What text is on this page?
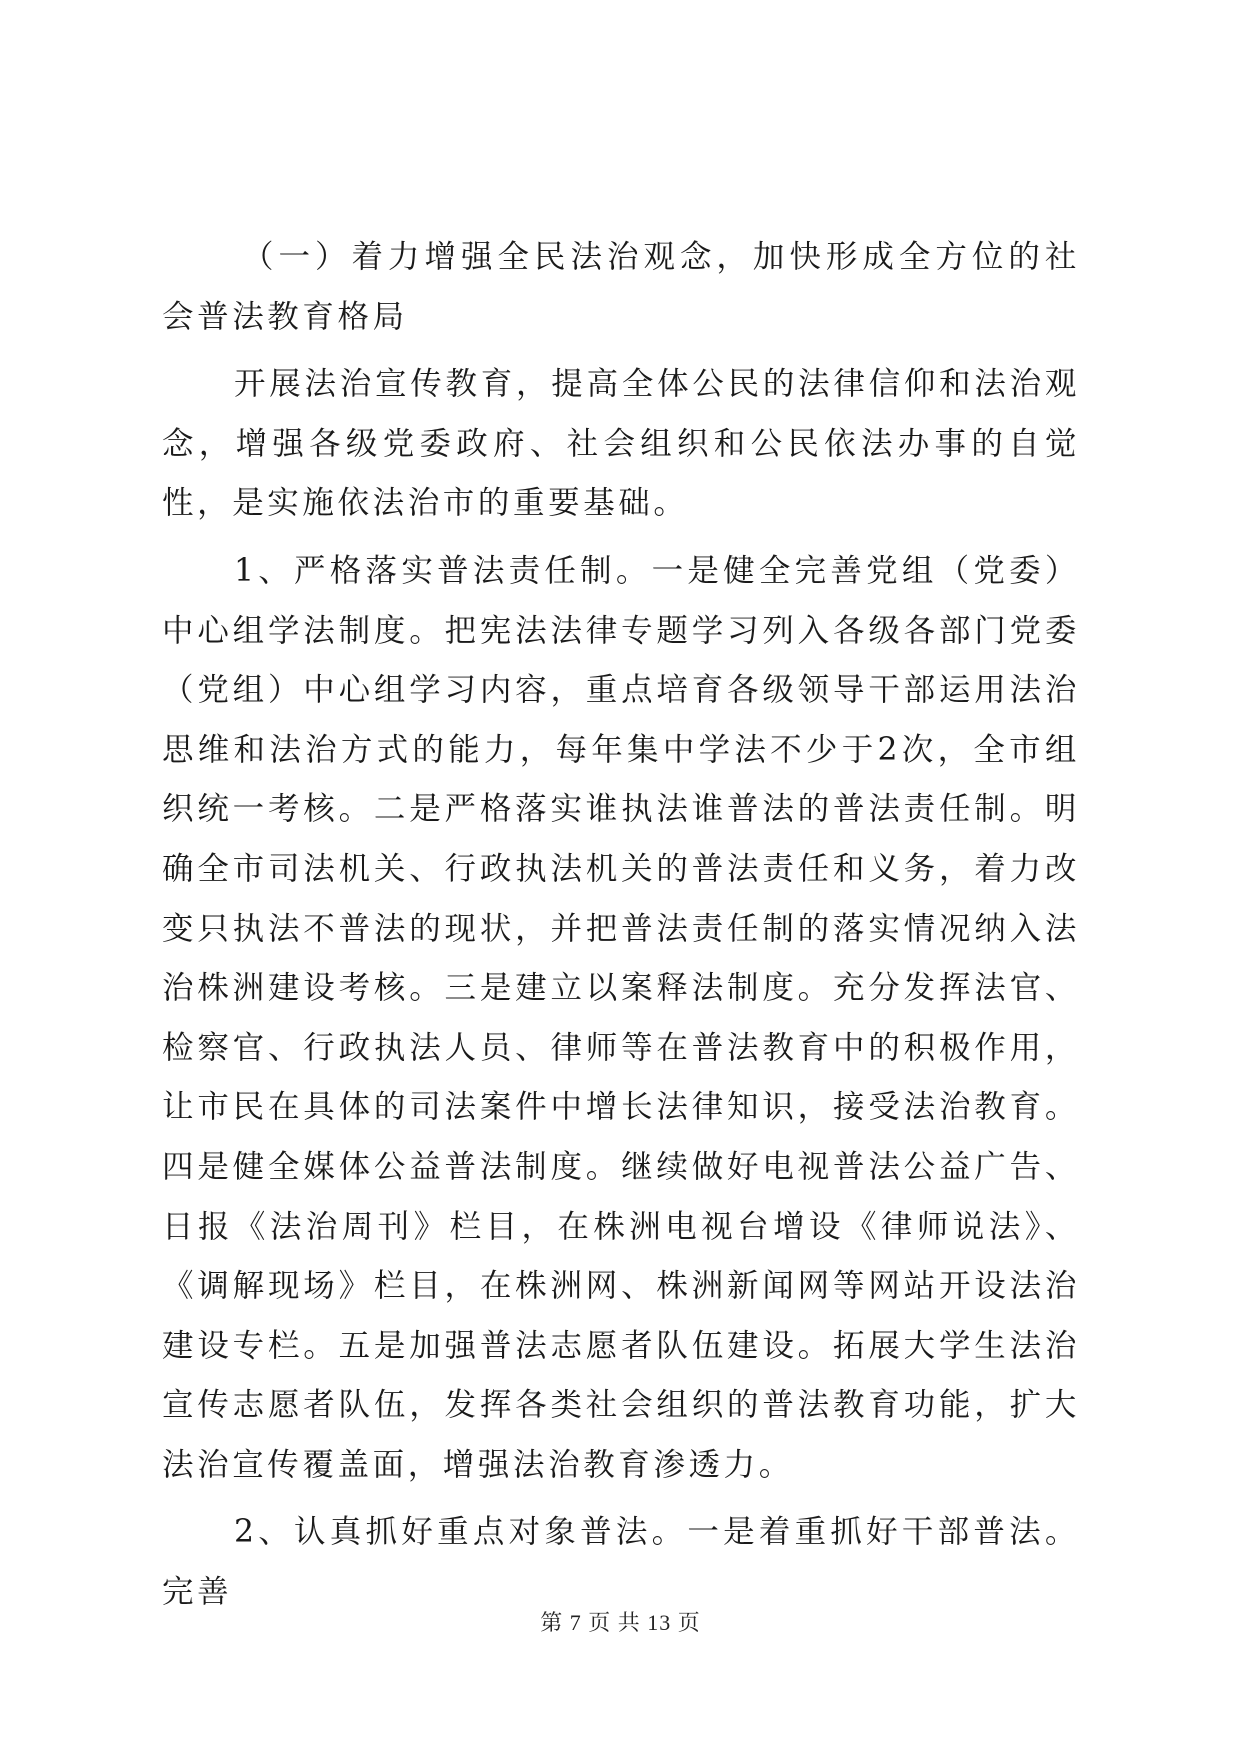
（一）着力增强全民法治观念，加快形成全方位的社会普法教育格局

开展法治宣传教育，提高全体公民的法律信仰和法治观念，增强各级党委政府、社会组织和公民依法办事的自觉性，是实施依法治市的重要基础。

1、严格落实普法责任制。一是健全完善党组（党委）中心组学法制度。把宪法法律专题学习列入各级各部门党委（党组）中心组学习内容，重点培育各级领导干部运用法治思维和法治方式的能力，每年集中学法不少于2次，全市组织统一考核。二是严格落实谁执法谁普法的普法责任制。明确全市司法机关、行政执法机关的普法责任和义务，着力改变只执法不普法的现状，并把普法责任制的落实情况纳入法治株洲建设考核。三是建立以案释法制度。充分发挥法官、检察官、行政执法人员、律师等在普法教育中的积极作用，让市民在具体的司法案件中增长法律知识，接受法治教育。四是健全媒体公益普法制度。继续做好电视普法公益广告、日报《法治周刊》栏目，在株洲电视台增设《律师说法》、《调解现场》栏目，在株洲网、株洲新闻网等网站开设法治建设专栏。五是加强普法志愿者队伍建设。拓展大学生法治宣传志愿者队伍，发挥各类社会组织的普法教育功能，扩大法治宣传覆盖面，增强法治教育渗透力。

2、认真抓好重点对象普法。一是着重抓好干部普法。完善

第 7 页 共 13 页
